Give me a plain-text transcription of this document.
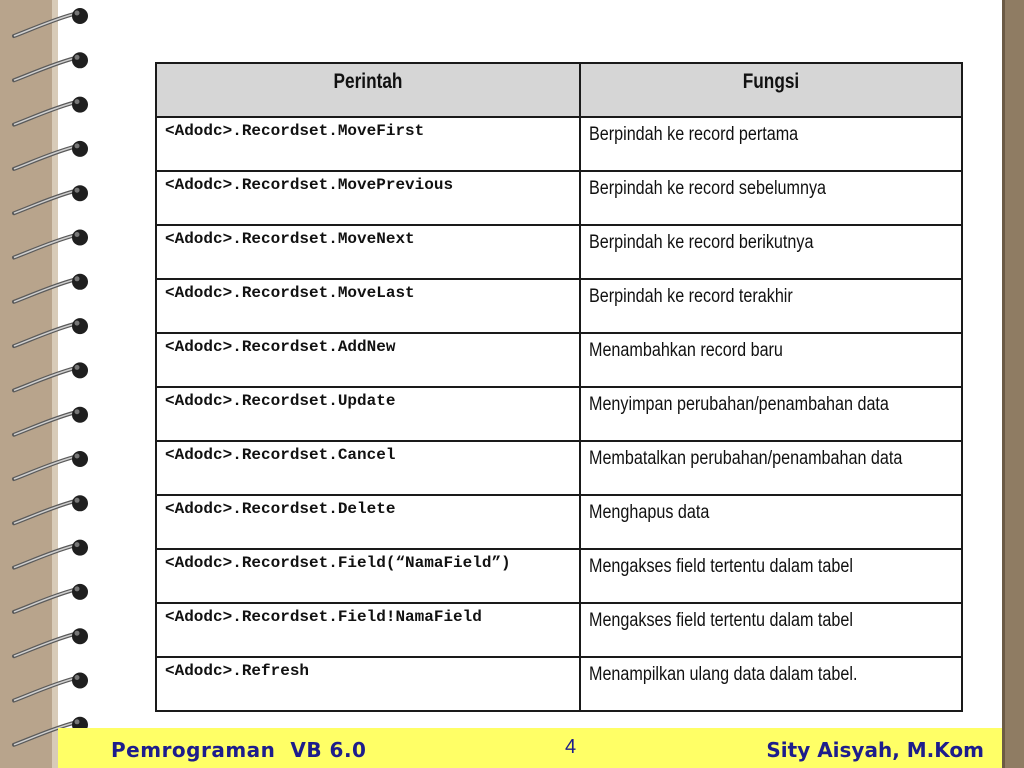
Perintah	Fungsi

<Adodc>.Recordset.MoveFirst	Berpindah ke record pertama
<Adodc>.Recordset.MovePrevious	Berpindah ke record sebelumnya
<Adodc>.Recordset.MoveNext	Berpindah ke record berikutnya
<Adodc>.Recordset.MoveLast	Berpindah ke record terakhir
<Adodc>.Recordset.AddNew	Menambahkan record baru
<Adodc>.Recordset.Update	Menyimpan perubahan/penambahan data
<Adodc>.Recordset.Cancel	Membatalkan perubahan/penambahan data
<Adodc>.Recordset.Delete	Menghapus data
<Adodc>.Recordset.Field(“NamaField”)	Mengakses field tertentu dalam tabel
<Adodc>.Recordset.Field!NamaField	Mengakses field tertentu dalam tabel
<Adodc>.Refresh	Menampilkan ulang data dalam tabel.
Pemrograman  VB 6.0	4	Sity Aisyah, M.Kom
